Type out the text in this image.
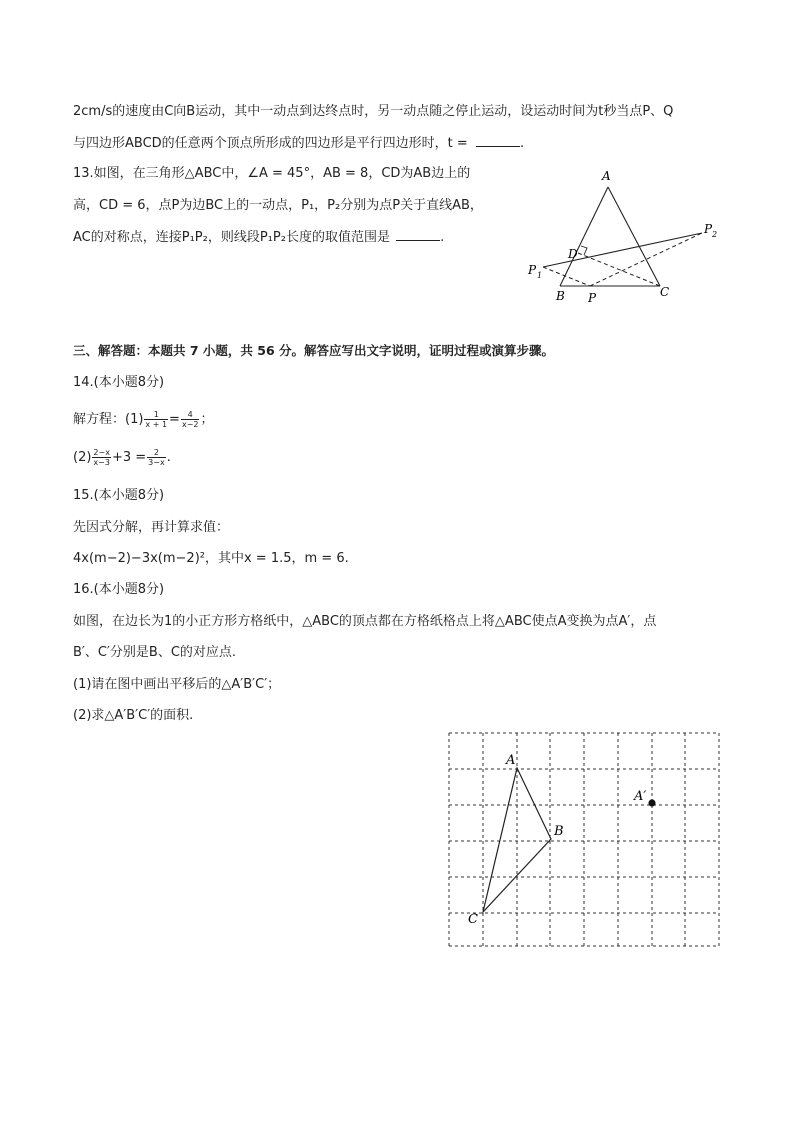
2cm/s的速度由C向B运动，其中一动点到达终点时，另一动点随之停止运动，设运动时间为t秒当点P、Q
与四边形ABCD的任意两个顶点所形成的四边形是平行四边形时，t =	.
13.如图，在三角形△ABC中，∠A = 45°，AB = 8，CD为AB边上的
高，CD = 6，点P为边BC上的一动点，P₁，P₂分别为点P关于直线AB，
AC的对称点，连接P₁P₂，则线段P₁P₂长度的取值范围是	.
A
D
B P	C
P 1
P 2
三、解答题：本题共 7 小题，共 56 分。解答应写出文字说明，证明过程或演算步骤。
14.(本小题8分)
解方程：$(1) \frac{1}{x + 1} = \frac{4}{x-2}$ ；
$(2) \frac{2-x}{x-3} +3 = \frac{2}{3-x}$ .
15.(本小题8分)
先因式分解，再计算求值：
4x(m−2)−3x(m−2)²，其中x = 1.5，m = 6.
16.(本小题8分)
如图，在边长为1的小正方形方格纸中，△ABC的顶点都在方格纸格点上将△ABC使点A变换为点A′，点
B′、C′分别是B、C的对应点.
(1)请在图中画出平移后的△A′B′C′；
(2)求△A′B′C′的面积.
A
B
C
A′
